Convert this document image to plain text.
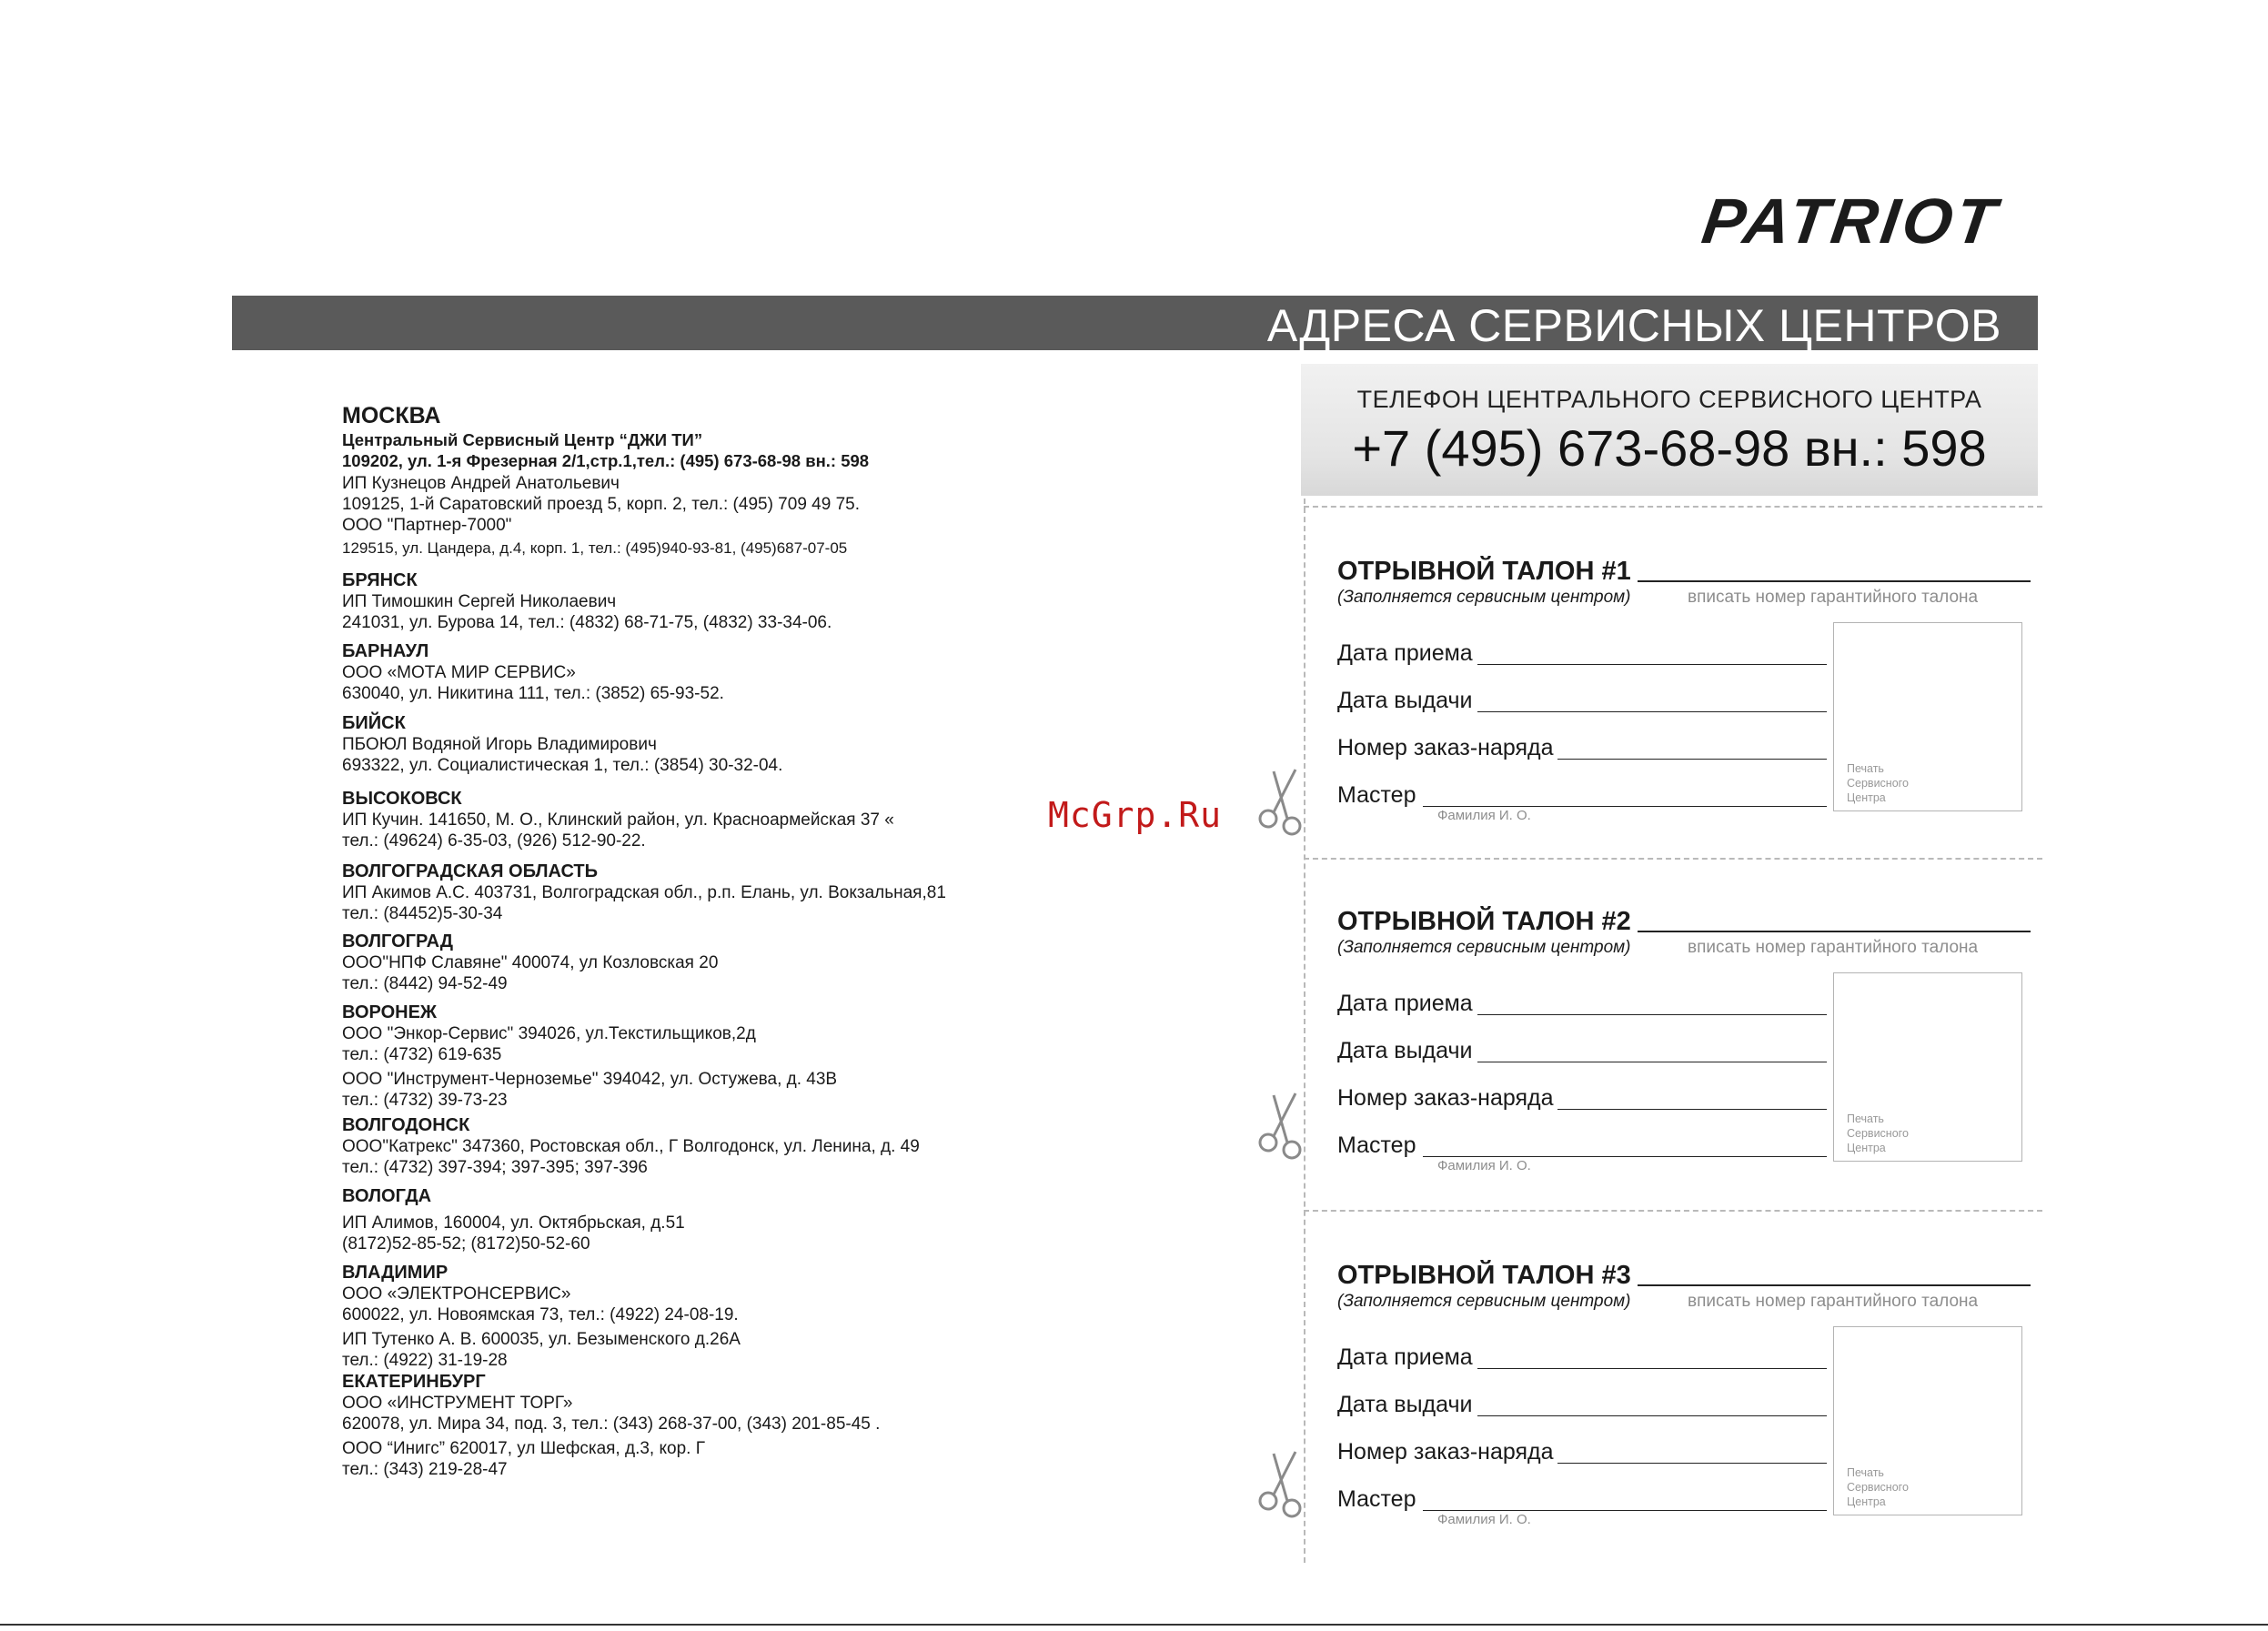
PATRIOT
АДРЕСА СЕРВИСНЫХ ЦЕНТРОВ
ТЕЛЕФОН ЦЕНТРАЛЬНОГО СЕРВИСНОГО ЦЕНТРА
+7 (495) 673-68-98 вн.: 598
МОСКВА
Центральный Сервисный Центр “ДЖИ ТИ”
109202, ул. 1-я Фрезерная 2/1,стр.1,тел.: (495) 673-68-98 вн.: 598
ИП Кузнецов Андрей Анатольевич
109125, 1-й Саратовский проезд 5, корп. 2, тел.: (495) 709 49 75.
ООО "Партнер-7000"
129515, ул. Цандера, д.4, корп. 1, тел.: (495)940-93-81, (495)687-07-05
БРЯНСК
ИП Тимошкин Сергей Николаевич
241031, ул. Бурова 14, тел.: (4832) 68-71-75, (4832) 33-34-06.
БАРНАУЛ
ООО «МОТА МИР СЕРВИС»
630040, ул. Никитина 111, тел.: (3852) 65-93-52.
БИЙСК
ПБОЮЛ Водяной Игорь Владимирович
693322, ул. Социалистическая 1, тел.: (3854) 30-32-04.
ВЫСОКОВСК
ИП Кучин. 141650, М. О., Клинский район, ул. Красноармейская 37 «
тел.: (49624) 6-35-03, (926) 512-90-22.
ВОЛГОГРАДСКАЯ ОБЛАСТЬ
ИП Акимов А.С. 403731, Волгоградская обл., р.п. Елань, ул. Вокзальная,81
тел.: (84452)5-30-34
ВОЛГОГРАД
ООО"НПФ Славяне" 400074, ул Козловская 20
тел.: (8442) 94-52-49
ВОРОНЕЖ
ООО "Энкор-Сервис" 394026, ул.Текстильщиков,2д
тел.: (4732) 619-635
ООО "Инструмент-Черноземье" 394042, ул. Остужева, д. 43В
тел.: (4732) 39-73-23
ВОЛГОДОНСК
ООО"Катрекс" 347360, Ростовская обл., Г Волгодонск, ул. Ленина, д. 49
тел.: (4732) 397-394; 397-395; 397-396
ВОЛОГДА
ИП Алимов, 160004, ул. Октябрьская, д.51
(8172)52-85-52; (8172)50-52-60
ВЛАДИМИР
ООО «ЭЛЕКТРОНСЕРВИС»
600022, ул. Новоямская 73, тел.: (4922) 24-08-19.
ИП Тутенко А. В. 600035, ул. Безыменского д.26А
тел.: (4922) 31-19-28
ЕКАТЕРИНБУРГ
ООО «ИНСТРУМЕНТ ТОРГ»
620078, ул. Мира 34, под. 3, тел.: (343) 268-37-00, (343) 201-85-45 .
ООО “Инигс” 620017, ул Шефская, д.3, кор. Г
тел.: (343) 219-28-47
McGrp.Ru
ОТРЫВНОЙ ТАЛОН #1
(Заполняется сервисным центром)	вписать номер гарантийного талона
Дата приема
Дата выдачи
Номер заказ-наряда
Мастер
Фамилия И. О.
Печать
Сервисного
Центра
ОТРЫВНОЙ ТАЛОН #2
(Заполняется сервисным центром)	вписать номер гарантийного талона
Дата приема
Дата выдачи
Номер заказ-наряда
Мастер
Фамилия И. О.
Печать
Сервисного
Центра
ОТРЫВНОЙ ТАЛОН #3
(Заполняется сервисным центром)	вписать номер гарантийного талона
Дата приема
Дата выдачи
Номер заказ-наряда
Мастер
Фамилия И. О.
Печать
Сервисного
Центра
